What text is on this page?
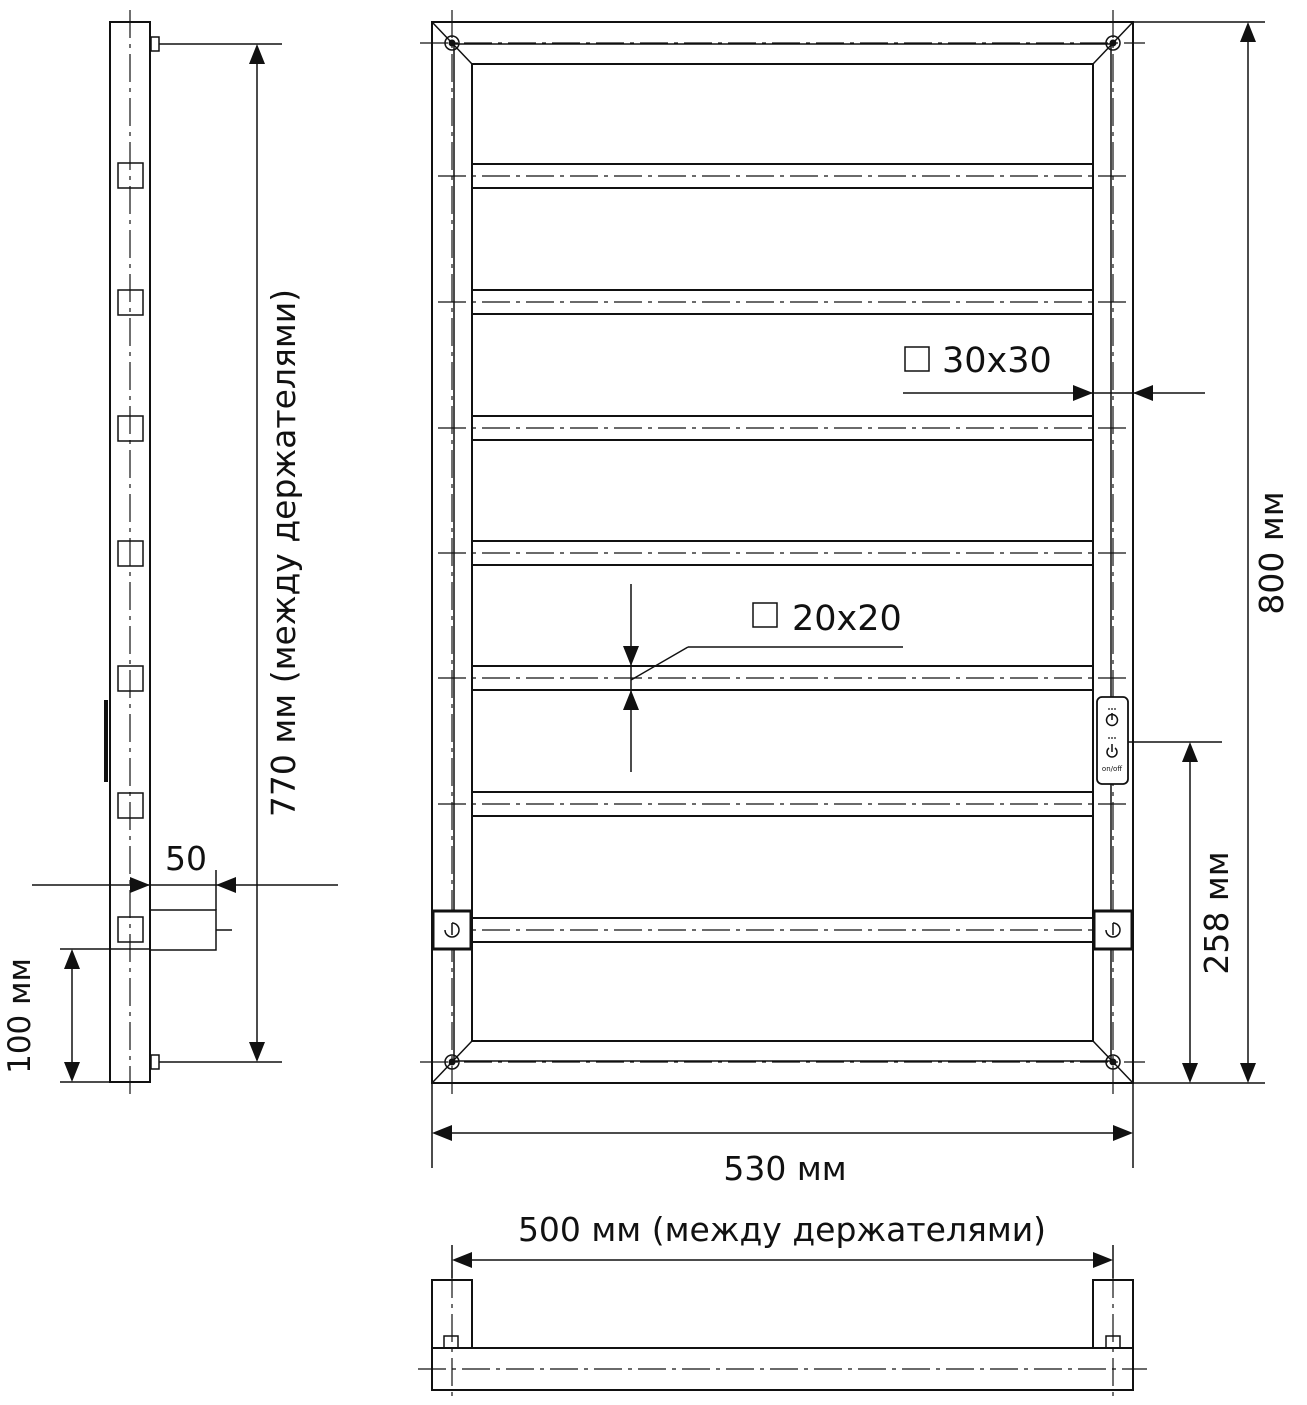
770 мм (между держателями)
50
100 мм
on/off
30x30
20x20
800 мм
258 мм
530 мм
500 мм (между держателями)
